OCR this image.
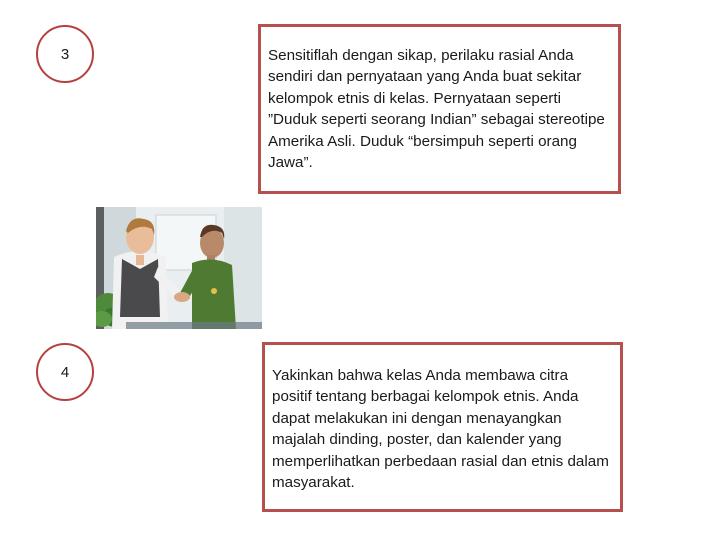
3	Sensitiflah dengan sikap, perilaku rasial Anda sendiri dan pernyataan yang Anda buat sekitar kelompok etnis di kelas. Pernyataan seperti ”Duduk seperti seorang Indian” sebagai stereotipe Amerika Asli. Duduk “bersimpuh seperti orang Jawa”.

4	Yakinkan bahwa kelas Anda membawa citra positif tentang berbagai kelompok etnis. Anda dapat melakukan ini dengan menayangkan majalah dinding, poster, dan kalender yang memperlihatkan perbedaan rasial dan etnis dalam masyarakat.
